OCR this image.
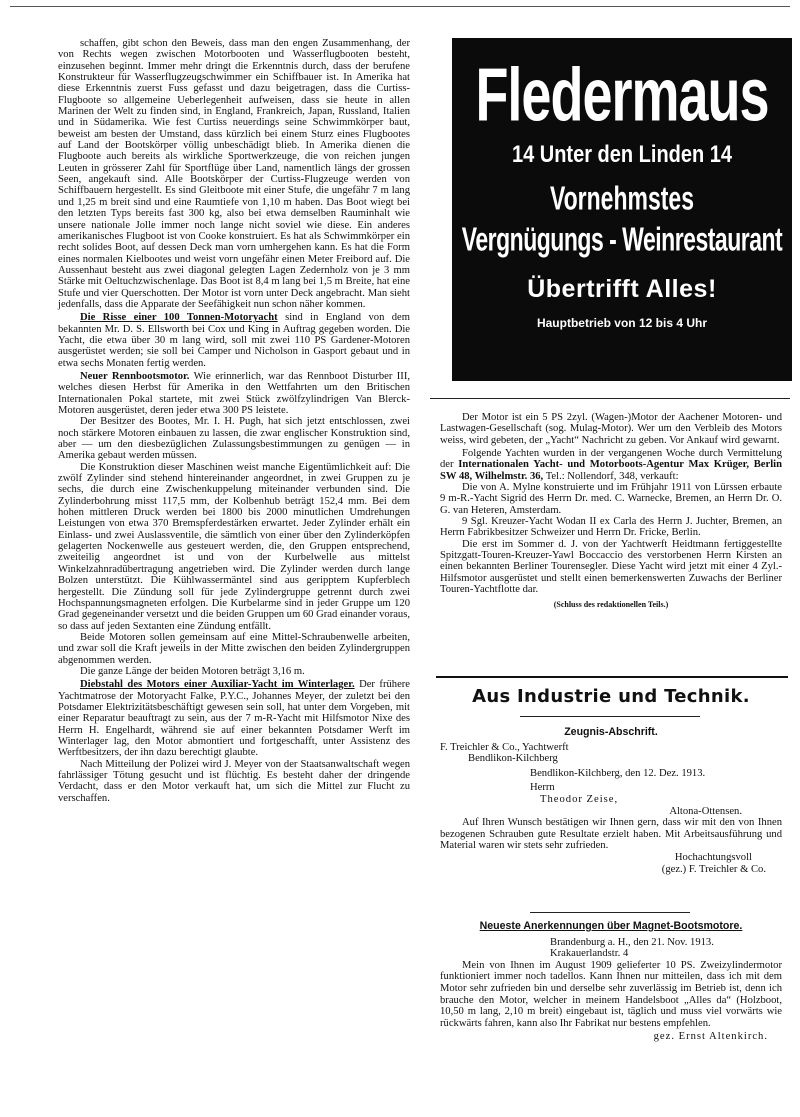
schaffen, gibt schon den Beweis, dass man den engen Zusammenhang, der von Rechts wegen zwischen Motorbooten und Wasserflugbooten besteht, einzusehen beginnt. Immer mehr dringt die Erkenntnis durch, dass der berufene Konstrukteur für Wasserflugzeugschwimmer ein Schiffbauer ist. In Amerika hat diese Erkenntnis zuerst Fuss gefasst und dazu beigetragen, dass die Curtiss-Flugboote so allgemeine Ueberlegenheit aufweisen, dass sie heute in allen Marinen der Welt zu finden sind, in England, Frankreich, Japan, Russland, Italien und in Südamerika. Wie fest Curtiss neuerdings seine Schwimmkörper baut, beweist am besten der Umstand, dass kürzlich bei einem Sturz eines Flugbootes auf Land der Bootskörper völlig unbeschädigt blieb. In Amerika dienen die Flugboote auch bereits als wirkliche Sportwerkzeuge, die von reichen jungen Leuten in grösserer Zahl für Sportflüge über Land, namentlich längs der grossen Seen, angekauft sind. Alle Bootskörper der Curtiss-Flugzeuge werden von Schiffbauern hergestellt. Es sind Gleitboote mit einer Stufe, die ungefähr 7 m lang und 1,25 m breit sind und eine Raumtiefe von 1,10 m haben. Das Boot wiegt bei den letzten Typs bereits fast 300 kg, also bei etwa demselben Rauminhalt wie unsere nationale Jolle immer noch lange nicht soviel wie diese. Ein anderes amerikanisches Flugboot ist von Cooke konstruiert. Es hat als Schwimmkörper ein recht solides Boot, auf dessen Deck man vorn umhergehen kann. Es hat die Form eines normalen Kielbootes und weist vorn ungefähr einen Meter Freibord auf. Die Aussenhaut besteht aus zwei diagonal gelegten Lagen Zedernholz von je 3 mm Stärke mit Oeltuchzwischenlage. Das Boot ist 8,4 m lang bei 1,5 m Breite, hat eine Stufe und vier Querschotten. Der Motor ist vorn unter Deck angebracht. Man sieht jedenfalls, dass die Apparate der Seefähigkeit nun schon näher kommen.

Die Risse einer 100 Tonnen-Motoryacht sind in England von dem bekannten Mr. D. S. Ellsworth bei Cox und King in Auftrag gegeben worden. Die Yacht, die etwa über 30 m lang wird, soll mit zwei 110 PS Gardener-Motoren ausgerüstet werden; sie soll bei Camper und Nicholson in Gasport gebaut und in etwa sechs Monaten fertig werden.

Neuer Rennbootsmotor. Wie erinnerlich, war das Rennboot Disturber III, welches diesen Herbst für Amerika in den Wettfahrten um den Britischen Internationalen Pokal startete, mit zwei Stück zwölfzylindrigen Van Blerck-Motoren ausgerüstet, deren jeder etwa 300 PS leistete.

Der Besitzer des Bootes, Mr. I. H. Pugh, hat sich jetzt entschlossen, zwei noch stärkere Motoren einbauen zu lassen, die zwar englischer Konstruktion sind, aber — um den diesbezüglichen Zulassungsbestimmungen zu genügen — in Amerika gebaut werden müssen.

Die Konstruktion dieser Maschinen weist manche Eigentümlichkeit auf: Die zwölf Zylinder sind stehend hintereinander angeordnet, in zwei Gruppen zu je sechs, die durch eine Zwischenkuppelung miteinander verbunden sind. Die Zylinderbohrung misst 117,5 mm, der Kolbenhub beträgt 152,4 mm. Bei dem hohen mittleren Druck werden bei 1800 bis 2000 minutlichen Umdrehungen Leistungen von etwa 370 Bremspferdestärken erwartet. Jeder Zylinder erhält ein Einlass- und zwei Auslassventile, die sämtlich von einer über den Zylinderköpfen gelagerten Nockenwelle aus gesteuert werden, die, den Gruppen entsprechend, zweiteilig angeordnet ist und von der Kurbelwelle aus mittelst Winkelzahnradübertragung angetrieben wird. Die Zylinder werden durch lange Bolzen unterstützt. Die Kühlwassermäntel sind aus geripptem Kupferblech hergestellt. Die Zündung soll für jede Zylindergruppe getrennt durch zwei Hochspannungsmagneten erfolgen. Die Kurbelarme sind in jeder Gruppe um 120 Grad gegeneinander versetzt und die beiden Gruppen um 60 Grad einander voraus, so dass auf jeden Sextanten eine Zündung entfällt.

Beide Motoren sollen gemeinsam auf eine Mittel-Schraubenwelle arbeiten, und zwar soll die Kraft jeweils in der Mitte zwischen den beiden Zylindergruppen abgenommen werden.

Die ganze Länge der beiden Motoren beträgt 3,16 m.

Diebstahl des Motors einer Auxiliar-Yacht im Winterlager. Der frühere Yachtmatrose der Motoryacht Falke, P.Y.C., Johannes Meyer, der zuletzt bei den Potsdamer Elektrizitätsbeschäftigt gewesen sein soll, hat unter dem Vorgeben, mit einer Reparatur beauftragt zu sein, aus der 7 m-R-Yacht mit Hilfsmotor Nixe des Herrn H. Engelhardt, während sie auf einer bekannten Potsdamer Werft im Winterlager lag, den Motor abmontiert und fortgeschafft, unter Assistenz des Werftbesitzers, der ihn dazu berechtigt glaubte.

Nach Mitteilung der Polizei wird J. Meyer von der Staatsanwaltschaft wegen fahrlässiger Tötung gesucht und ist flüchtig. Es besteht daher der dringende Verdacht, dass er den Motor verkauft hat, um sich die Mittel zur Flucht zu verschaffen.

Fledermaus
14 Unter den Linden 14
Vornehmstes
Vergnügungs - Weinrestaurant
Übertrifft Alles!
Hauptbetrieb von 12 bis 4 Uhr

Der Motor ist ein 5 PS 2zyl. (Wagen-)Motor der Aachener Motoren- und Lastwagen-Gesellschaft (sog. Mulag-Motor). Wer um den Verbleib des Motors weiss, wird gebeten, der „Yacht“ Nachricht zu geben. Vor Ankauf wird gewarnt.

Folgende Yachten wurden in der vergangenen Woche durch Vermittelung der Internationalen Yacht- und Motorboots-Agentur Max Krüger, Berlin SW 48, Wilhelmstr. 36, Tel.: Nollendorf, 348, verkauft:

Die von A. Mylne konstruierte und im Frühjahr 1911 von Lürssen erbaute 9 m-R.-Yacht Sigrid des Herrn Dr. med. C. Warnecke, Bremen, an Herrn Dr. O. G. van Heteren, Amsterdam.

9 Sgl. Kreuzer-Yacht Wodan II ex Carla des Herrn J. Juchter, Bremen, an Herrn Fabrikbesitzer Schweizer und Herrn Dr. Fricke, Berlin.

Die erst im Sommer d. J. von der Yachtwerft Heidtmann fertiggestellte Spitzgatt-Touren-Kreuzer-Yawl Boccaccio des verstorbenen Herrn Kirsten an einen bekannten Berliner Tourensegler. Diese Yacht wird jetzt mit einer 4 Zyl.-Hilfsmotor ausgerüstet und stellt einen bemerkenswerten Zuwachs der Berliner Touren-Yachtflotte dar.

(Schluss des redaktionellen Teils.)
Aus Industrie und Technik.
Zeugnis-Abschrift.
F. Treichler & Co., Yachtwerft
Bendlikon-Kilchberg
Bendlikon-Kilchberg, den 12. Dez. 1913.
Herrn
Theodor Zeise,
Altona-Ottensen.

Auf Ihren Wunsch bestätigen wir Ihnen gern, dass wir mit den von Ihnen bezogenen Schrauben gute Resultate erzielt haben. Mit Arbeitsausführung und Material waren wir stets sehr zufrieden.

Hochachtungsvoll
(gez.) F. Treichler & Co.
Neueste Anerkennungen über Magnet-Bootsmotore.
Brandenburg a. H., den 21. Nov. 1913.
Krakauerlandstr. 4

Mein von Ihnen im August 1909 gelieferter 10 PS. Zweizylindermotor funktioniert immer noch tadellos. Kann Ihnen nur mitteilen, dass ich mit dem Motor sehr zufrieden bin und derselbe sehr zuverlässig im Betrieb ist, denn ich brauche den Motor, welcher in meinem Handelsboot „Alles da“ (Holzboot, 10,50 m lang, 2,10 m breit) eingebaut ist, täglich und muss viel vorwärts wie rückwärts fahren, kann also Ihr Fabrikat nur bestens empfehlen.

gez. Ernst Altenkirch.
